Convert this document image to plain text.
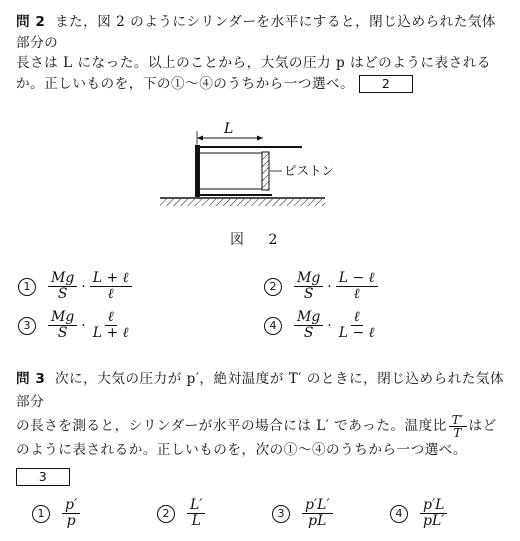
問 2 また，図 2 のようにシリンダーを水平にすると，閉じ込められた気体部分の
長さは L になった。以上のことから，大気の圧力 p はどのように表される
か。正しいものを，下の①〜④のうちから一つ選べ。 2
L
ピストン
図 2
1	$\frac{Mg}{S} \cdot \frac{\text{L + ℓ}}{\text{ℓ}}$	2	$\frac{Mg}{S} \cdot \frac{\text{L − ℓ}}{\text{ℓ}}$
3	$\frac{Mg}{S} \cdot \frac{\text{ℓ}}{\text{L + ℓ}}$	4	$\frac{Mg}{S} \cdot \frac{\text{ℓ}}{\text{L − ℓ}}$
問 3 次に，大気の圧力が p′，絶対温度が T′ のときに，閉じ込められた気体部分
の長さを測ると，シリンダーが水平の場合には L′ であった。温度比 $\frac{T'}{T}$ はど
のように表されるか。正しいものを，次の①〜④のうちから一つ選べ。
3
1	$\frac{p'}{p}$	2	$\frac{L'}{L}$	3	$\frac{p'L'}{pL}$	4	$\frac{p'L}{pL'}$
